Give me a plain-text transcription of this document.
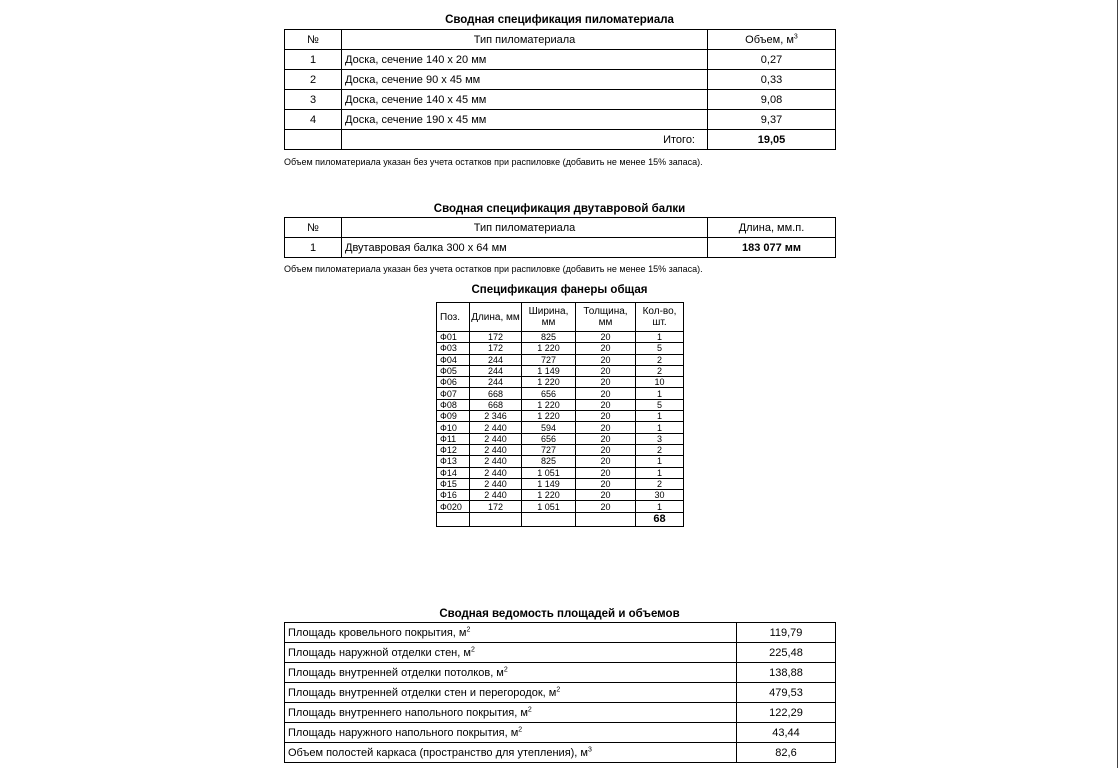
Сводная спецификация пиломатериала
№	Тип пиломатериала	Объем, $м^3$
1	Доска, сечение 140 х 20 мм	0,27
2	Доска, сечение 90 х 45 мм	0,33
3	Доска, сечение 140 х 45 мм	9,08
4	Доска, сечение 190 х 45 мм	9,37
	Итого:	19,05
Объем пиломатериала указан без учета остатков при распиловке (добавить не менее 15% запаса).
Сводная спецификация двутавровой балки
№	Тип пиломатериала	Длина, мм.п.
1	Двутавровая балка 300 х 64 мм	183 077 мм
Объем пиломатериала указан без учета остатков при распиловке (добавить не менее 15% запаса).
Спецификация фанеры общая
Поз.	Длина, мм	Ширина, мм	Толщина, мм	Кол-во, шт.
Ф01	172	825	20	1
Ф03	172	1 220	20	5
Ф04	244	727	20	2
Ф05	244	1 149	20	2
Ф06	244	1 220	20	10
Ф07	668	656	20	1
Ф08	668	1 220	20	5
Ф09	2 346	1 220	20	1
Ф10	2 440	594	20	1
Ф11	2 440	656	20	3
Ф12	2 440	727	20	2
Ф13	2 440	825	20	1
Ф14	2 440	1 051	20	1
Ф15	2 440	1 149	20	2
Ф16	2 440	1 220	20	30
Ф020	172	1 051	20	1
				68
Сводная ведомость площадей и объемов
Площадь кровельного покрытия, $м^2$	119,79
Площадь наружной отделки стен, $м^2$	225,48
Площадь внутренней отделки потолков, $м^2$	138,88
Площадь внутренней отделки стен и перегородок, $м^2$	479,53
Площадь внутреннего напольного покрытия, $м^2$	122,29
Площадь наружного напольного покрытия, $м^2$	43,44
Объем полостей каркаса (пространство для утепления), $м^3$	82,6
